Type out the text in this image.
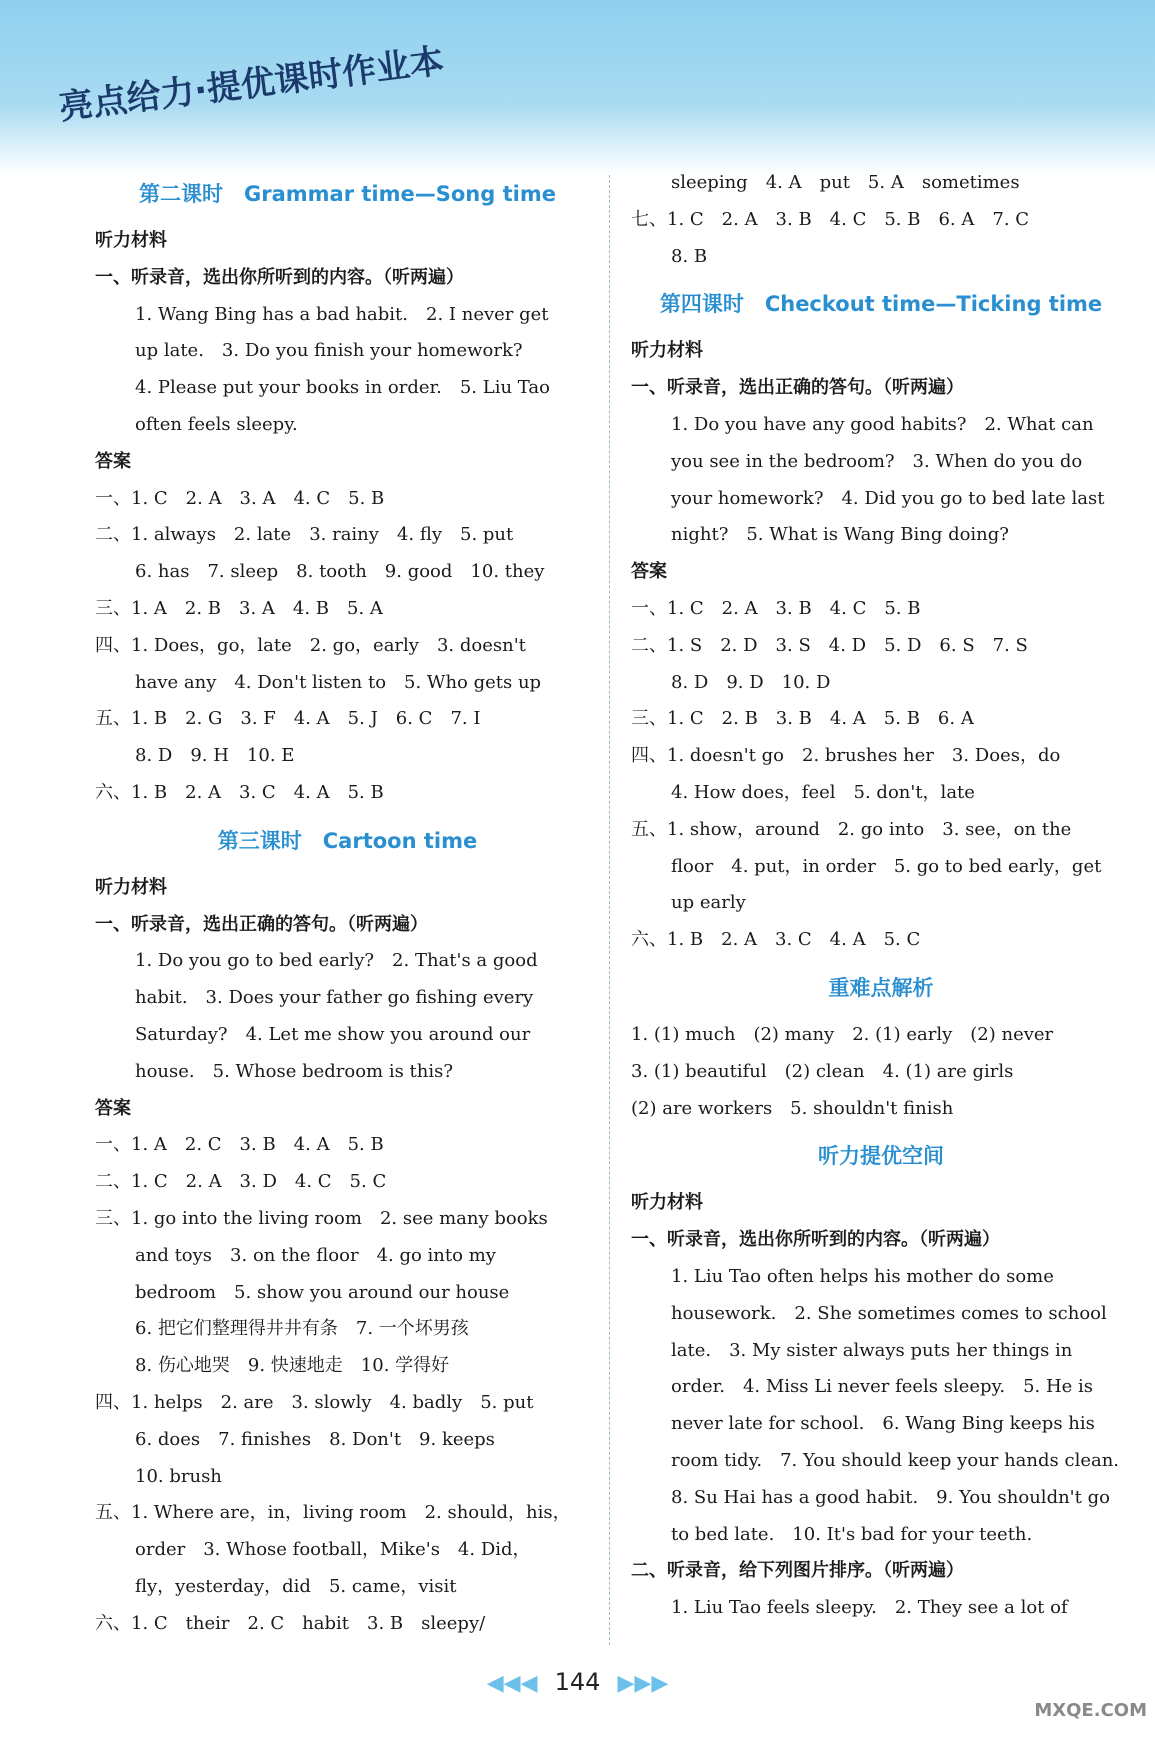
亮点给力·提优课时作业本
第二课时　Grammar time—Song time
听力材料
一、听录音，选出你所听到的内容。（听两遍）
1. Wang Bing has a bad habit.　2. I never get
up late.　3. Do you finish your homework?
4. Please put your books in order.　5. Liu Tao
often feels sleepy.
答案
一、1. C　2. A　3. A　4. C　5. B
二、1. always　2. late　3. rainy　4. fly　5. put
6. has　7. sleep　8. tooth　9. good　10. they
三、1. A　2. B　3. A　4. B　5. A
四、1. Does，go，late　2. go，early　3. doesn't
have any　4. Don't listen to　5. Who gets up
五、1. B　2. G　3. F　4. A　5. J　6. C　7. I
8. D　9. H　10. E
六、1. B　2. A　3. C　4. A　5. B
第三课时　Cartoon time
听力材料
一、听录音，选出正确的答句。（听两遍）
1. Do you go to bed early?　2. That's a good
habit.　3. Does your father go fishing every
Saturday?　4. Let me show you around our
house.　5. Whose bedroom is this?
答案
一、1. A　2. C　3. B　4. A　5. B
二、1. C　2. A　3. D　4. C　5. C
三、1. go into the living room　2. see many books
and toys　3. on the floor　4. go into my
bedroom　5. show you around our house
6. 把它们整理得井井有条　7. 一个坏男孩
8. 伤心地哭　9. 快速地走　10. 学得好
四、1. helps　2. are　3. slowly　4. badly　5. put
6. does　7. finishes　8. Don't　9. keeps
10. brush
五、1. Where are，in，living room　2. should，his，
order　3. Whose football，Mike's　4. Did，
fly，yesterday，did　5. came，visit
六、1. C　their　2. C　habit　3. B　sleepy/
sleeping　4. A　put　5. A　sometimes
七、1. C　2. A　3. B　4. C　5. B　6. A　7. C
8. B
第四课时　Checkout time—Ticking time
听力材料
一、听录音，选出正确的答句。（听两遍）
1. Do you have any good habits?　2. What can
you see in the bedroom?　3. When do you do
your homework?　4. Did you go to bed late last
night?　5. What is Wang Bing doing?
答案
一、1. C　2. A　3. B　4. C　5. B
二、1. S　2. D　3. S　4. D　5. D　6. S　7. S
8. D　9. D　10. D
三、1. C　2. B　3. B　4. A　5. B　6. A
四、1. doesn't go　2. brushes her　3. Does，do
4. How does，feel　5. don't，late
五、1. show，around　2. go into　3. see，on the
floor　4. put，in order　5. go to bed early，get
up early
六、1. B　2. A　3. C　4. A　5. C
重难点解析
1. (1) much　(2) many　2. (1) early　(2) never
3. (1) beautiful　(2) clean　4. (1) are girls
(2) are workers　5. shouldn't finish
听力提优空间
听力材料
一、听录音，选出你所听到的内容。（听两遍）
1. Liu Tao often helps his mother do some
housework.　2. She sometimes comes to school
late.　3. My sister always puts her things in
order.　4. Miss Li never feels sleepy.　5. He is
never late for school.　6. Wang Bing keeps his
room tidy.　7. You should keep your hands clean.
8. Su Hai has a good habit.　9. You shouldn't go
to bed late.　10. It's bad for your teeth.
二、听录音，给下列图片排序。（听两遍）
1. Liu Tao feels sleepy.　2. They see a lot of
◀◀◀ 144 ▶▶▶
MXQE.COM
